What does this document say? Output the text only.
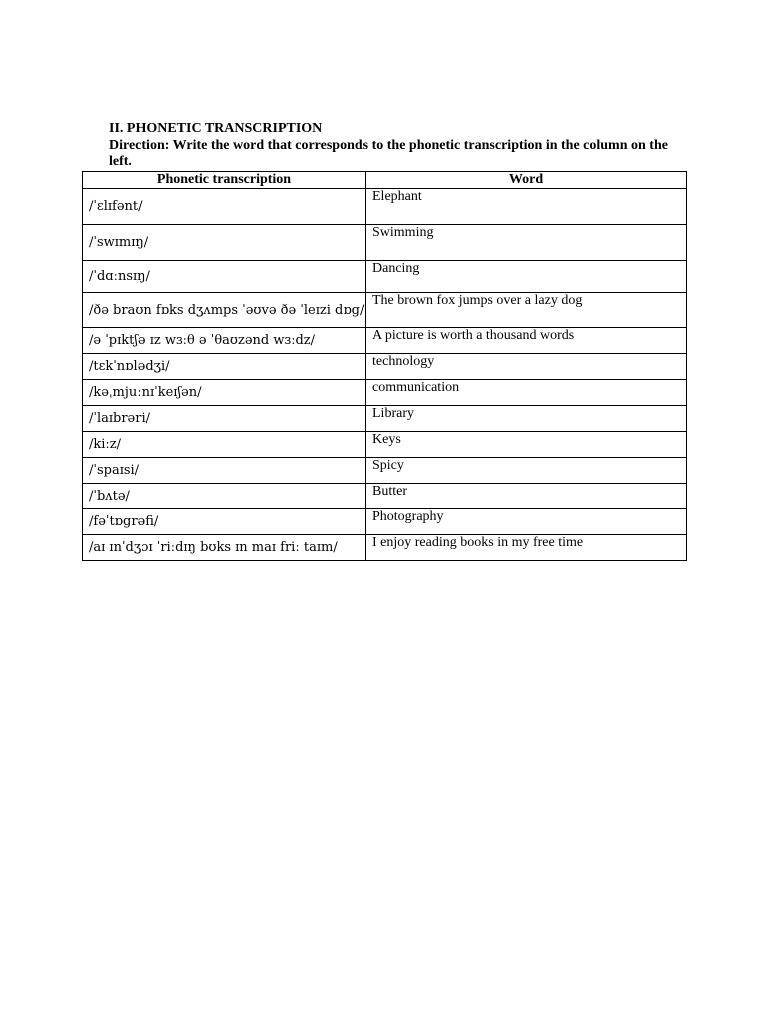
II. PHONETIC TRANSCRIPTION
Direction: Write the word that corresponds to the phonetic transcription in the column on the left.
Phonetic transcription	Word
/ˈɛlɪfənt/	Elephant
/ˈswɪmɪŋ/	Swimming
/ˈdɑːnsɪŋ/	Dancing
/ðə braʊn fɒks dʒʌmps ˈəʊvə ðə ˈleɪzi dɒg/	The brown fox jumps over a lazy dog
/ə ˈpɪktʃə ɪz wɜːθ ə ˈθaʊzənd wɜːdz/	A picture is worth a thousand words
/tɛkˈnɒlədʒi/	technology
/kəˌmjuːnɪˈkeɪʃən/	communication
/ˈlaɪbrəri/	Library
/kiːz/	Keys
/ˈspaɪsi/	Spicy
/ˈbʌtə/	Butter
/fəˈtɒgrəfi/	Photography
/aɪ ɪnˈdʒɔɪ ˈriːdɪŋ bʊks ɪn maɪ friː taɪm/	I enjoy reading books in my free time
